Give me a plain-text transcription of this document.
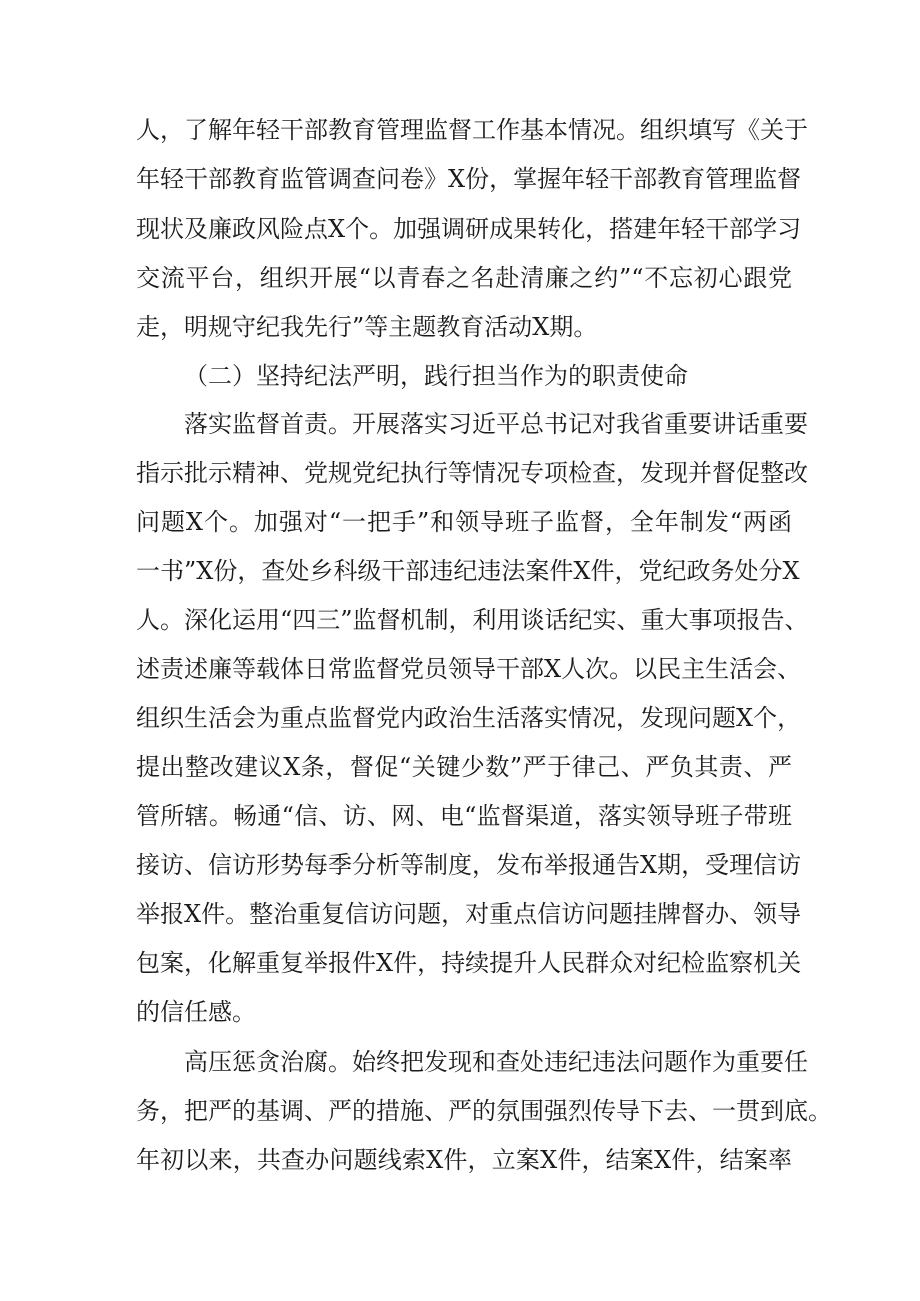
人，了解年轻干部教育管理监督工作基本情况。组织填写《关于

年轻干部教育监管调查问卷》X份，掌握年轻干部教育管理监督

现状及廉政风险点X个。加强调研成果转化，搭建年轻干部学习

交流平台，组织开展“以青春之名赴清廉之约”“不忘初心跟党

走，明规守纪我先行”等主题教育活动X期。

（二）坚持纪法严明，践行担当作为的职责使命

落实监督首责。开展落实习近平总书记对我省重要讲话重要

指示批示精神、党规党纪执行等情况专项检查，发现并督促整改

问题X个。加强对“一把手”和领导班子监督，全年制发“两函

一书”X份，查处乡科级干部违纪违法案件X件，党纪政务处分X

人。深化运用“四三”监督机制，利用谈话纪实、重大事项报告、

述责述廉等载体日常监督党员领导干部X人次。以民主生活会、

组织生活会为重点监督党内政治生活落实情况，发现问题X个，

提出整改建议X条，督促“关键少数”严于律己、严负其责、严

管所辖。畅通“信、访、网、电“监督渠道，落实领导班子带班

接访、信访形势每季分析等制度，发布举报通告X期，受理信访

举报X件。整治重复信访问题，对重点信访问题挂牌督办、领导

包案，化解重复举报件X件，持续提升人民群众对纪检监察机关

的信任感。

高压惩贪治腐。始终把发现和查处违纪违法问题作为重要任

务，把严的基调、严的措施、严的氛围强烈传导下去、一贯到底。

年初以来，共查办问题线索X件，立案X件，结案X件，结案率
